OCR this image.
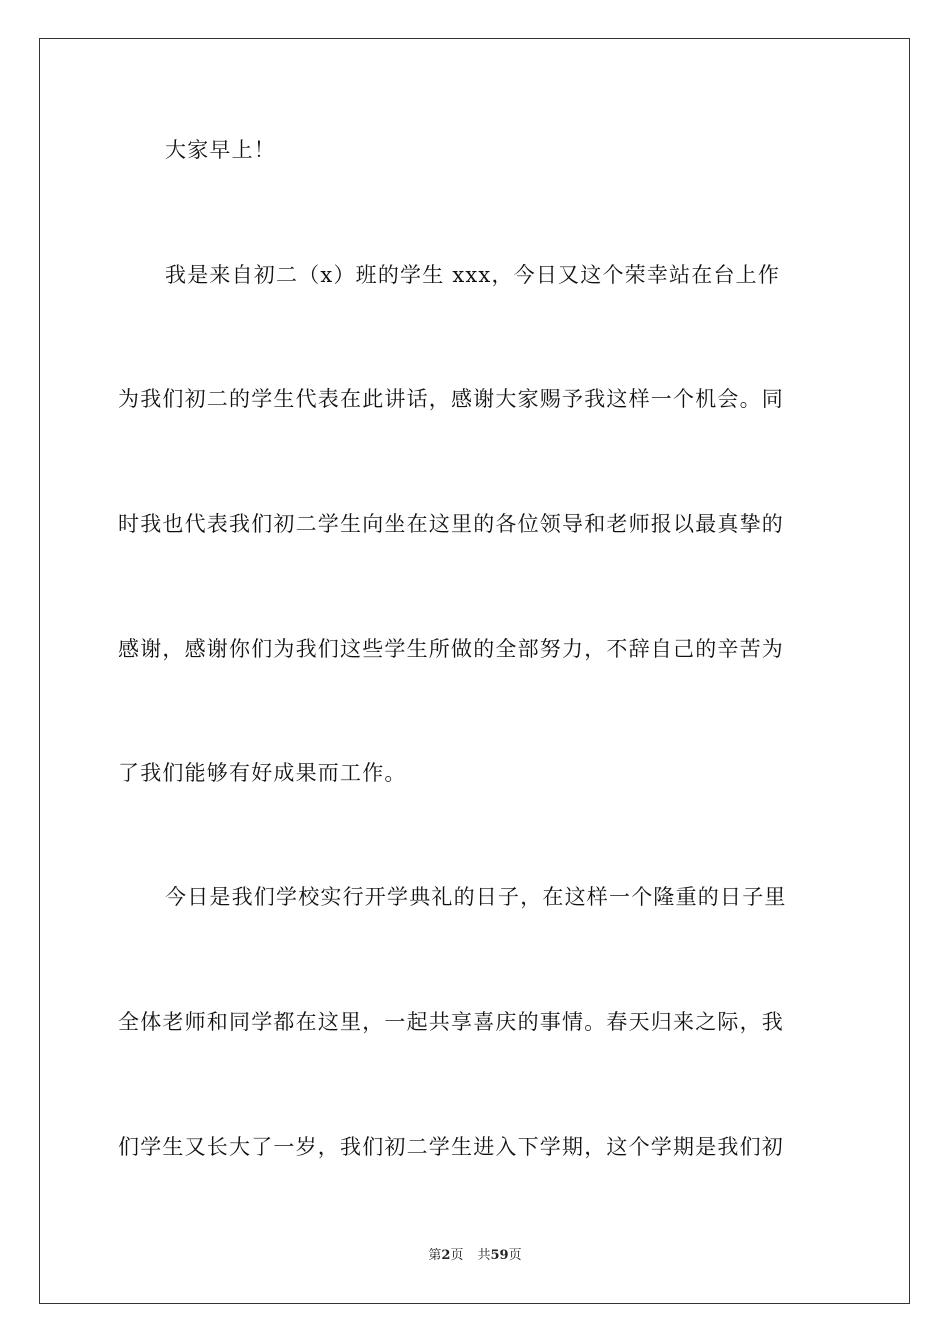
大家早上！
我是来自初二（x）班的学生 xxx，今日又这个荣幸站在台上作
为我们初二的学生代表在此讲话，感谢大家赐予我这样一个机会。同
时我也代表我们初二学生向坐在这里的各位领导和老师报以最真挚的
感谢，感谢你们为我们这些学生所做的全部努力，不辞自己的辛苦为
了我们能够有好成果而工作。
今日是我们学校实行开学典礼的日子，在这样一个隆重的日子里
全体老师和同学都在这里，一起共享喜庆的事情。春天归来之际，我
们学生又长大了一岁，我们初二学生进入下学期，这个学期是我们初
第2页 共59页
